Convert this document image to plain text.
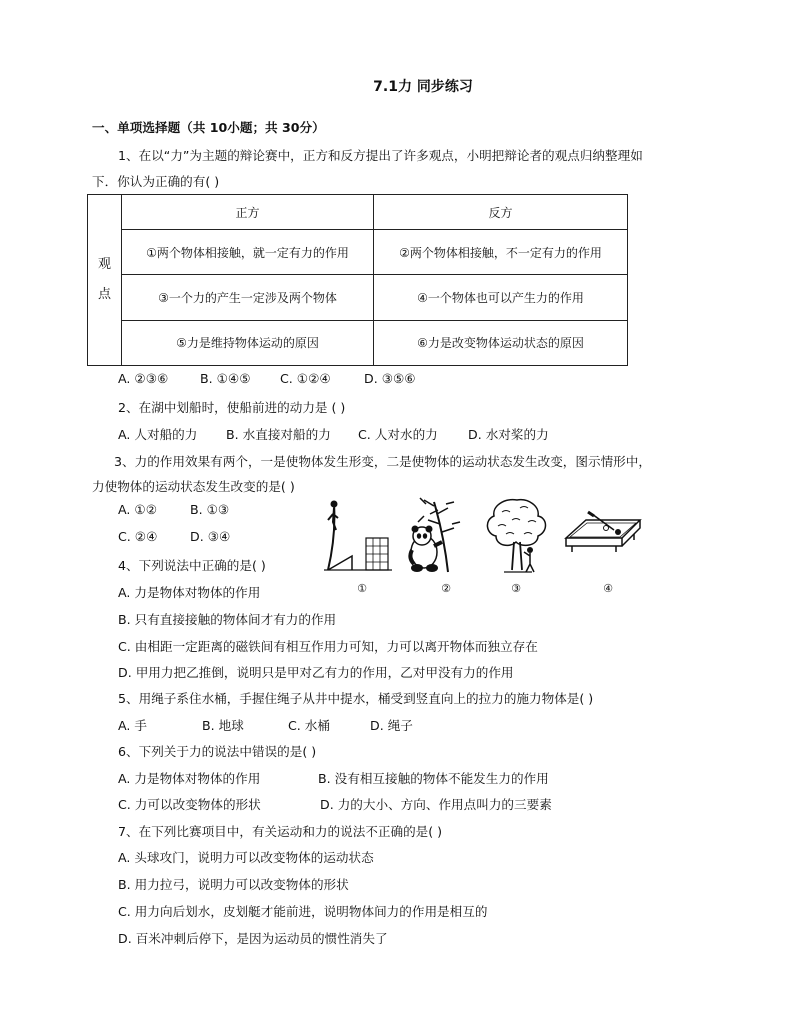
7.1力 同步练习
一、单项选择题（共 10小题；共 30分）
1、在以“力”为主题的辩论赛中，正方和反方提出了许多观点，小明把辩论者的观点归纳整理如
下．你认为正确的有( )
观
点	正方	反方
	①两个物体相接触，就一定有力的作用	②两个物体相接触，不一定有力的作用
	③一个力的产生一定涉及两个物体	④一个物体也可以产生力的作用
	⑤力是维持物体运动的原因	⑥力是改变物体运动状态的原因
A. ②③⑥	B. ①④⑤ C. ①②④	D. ③⑤⑥
2、在湖中划船时，使船前进的动力是 ( )
A. 人对船的力 B. 水直接对船的力 C. 人对水的力 D. 水对桨的力
3、力的作用效果有两个，一是使物体发生形变，二是使物体的运动状态发生改变，图示情形中，
力使物体的运动状态发生改变的是( )
A. ①②	B. ①③
C. ②④	D. ③④
①	②	③	④
4、下列说法中正确的是( )
A. 力是物体对物体的作用
B. 只有直接接触的物体间才有力的作用
C. 由相距一定距离的磁铁间有相互作用力可知，力可以离开物体而独立存在
D. 甲用力把乙推倒，说明只是甲对乙有力的作用，乙对甲没有力的作用
5、用绳子系住水桶，手握住绳子从井中提水，桶受到竖直向上的拉力的施力物体是( )
A. 手	B. 地球	C. 水桶	D. 绳子
6、下列关于力的说法中错误的是( )
A. 力是物体对物体的作用	B. 没有相互接触的物体不能发生力的作用
C. 力可以改变物体的形状	D. 力的大小、方向、作用点叫力的三要素
7、在下列比赛项目中，有关运动和力的说法不正确的是( )
A. 头球攻门，说明力可以改变物体的运动状态
B. 用力拉弓，说明力可以改变物体的形状
C. 用力向后划水，皮划艇才能前进，说明物体间力的作用是相互的
D. 百米冲刺后停下，是因为运动员的惯性消失了
